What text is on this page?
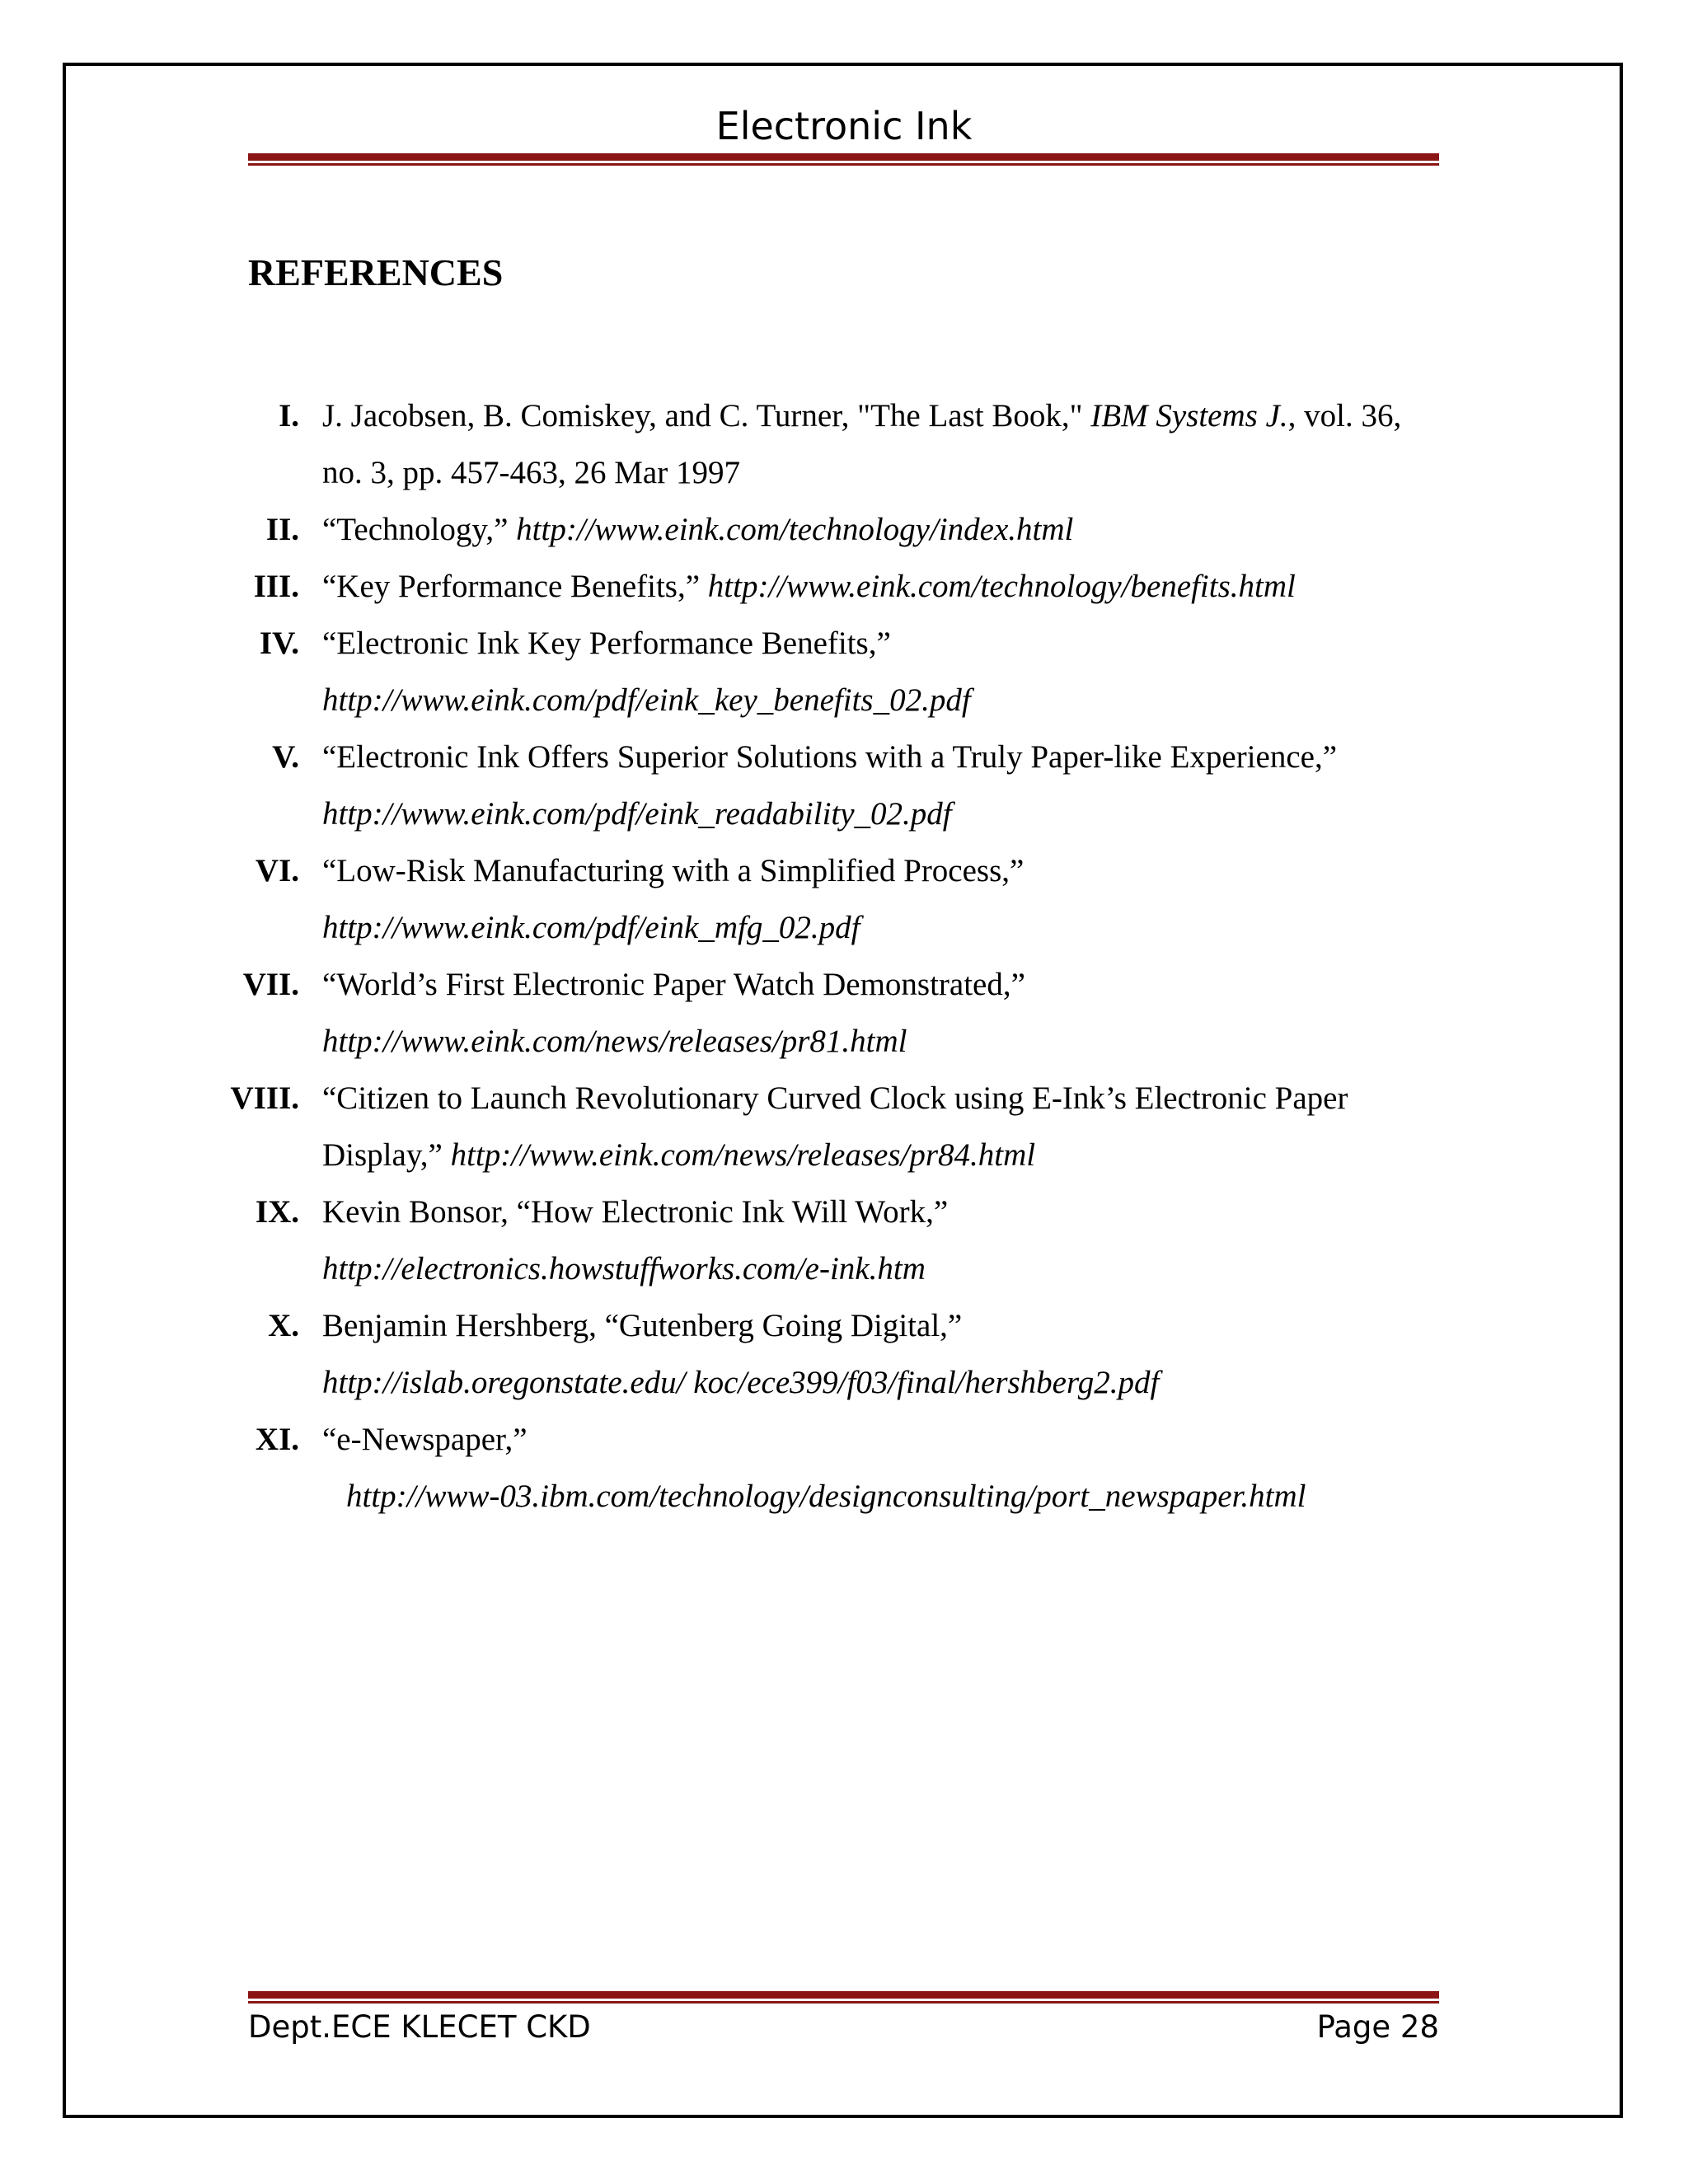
Electronic Ink
REFERENCES
I. J. Jacobsen, B. Comiskey, and C. Turner, "The Last Book," IBM Systems J., vol. 36,
no. 3, pp. 457-463, 26 Mar 1997
II. “Technology,” http://www.eink.com/technology/index.html
III. “Key Performance Benefits,” http://www.eink.com/technology/benefits.html
IV. “Electronic Ink Key Performance Benefits,”
http://www.eink.com/pdf/eink_key_benefits_02.pdf
V. “Electronic Ink Offers Superior Solutions with a Truly Paper-like Experience,”
http://www.eink.com/pdf/eink_readability_02.pdf
VI. “Low-Risk Manufacturing with a Simplified Process,”
http://www.eink.com/pdf/eink_mfg_02.pdf
VII. “World’s First Electronic Paper Watch Demonstrated,”
http://www.eink.com/news/releases/pr81.html
VIII. “Citizen to Launch Revolutionary Curved Clock using E-Ink’s Electronic Paper
Display,” http://www.eink.com/news/releases/pr84.html
IX. Kevin Bonsor, “How Electronic Ink Will Work,”
http://electronics.howstuffworks.com/e-ink.htm
X. Benjamin Hershberg, “Gutenberg Going Digital,”
http://islab.oregonstate.edu/ koc/ece399/f03/final/hershberg2.pdf
XI. “e-Newspaper,”
http://www-03.ibm.com/technology/designconsulting/port_newspaper.html
Dept.ECE KLECET CKD	Page 28
